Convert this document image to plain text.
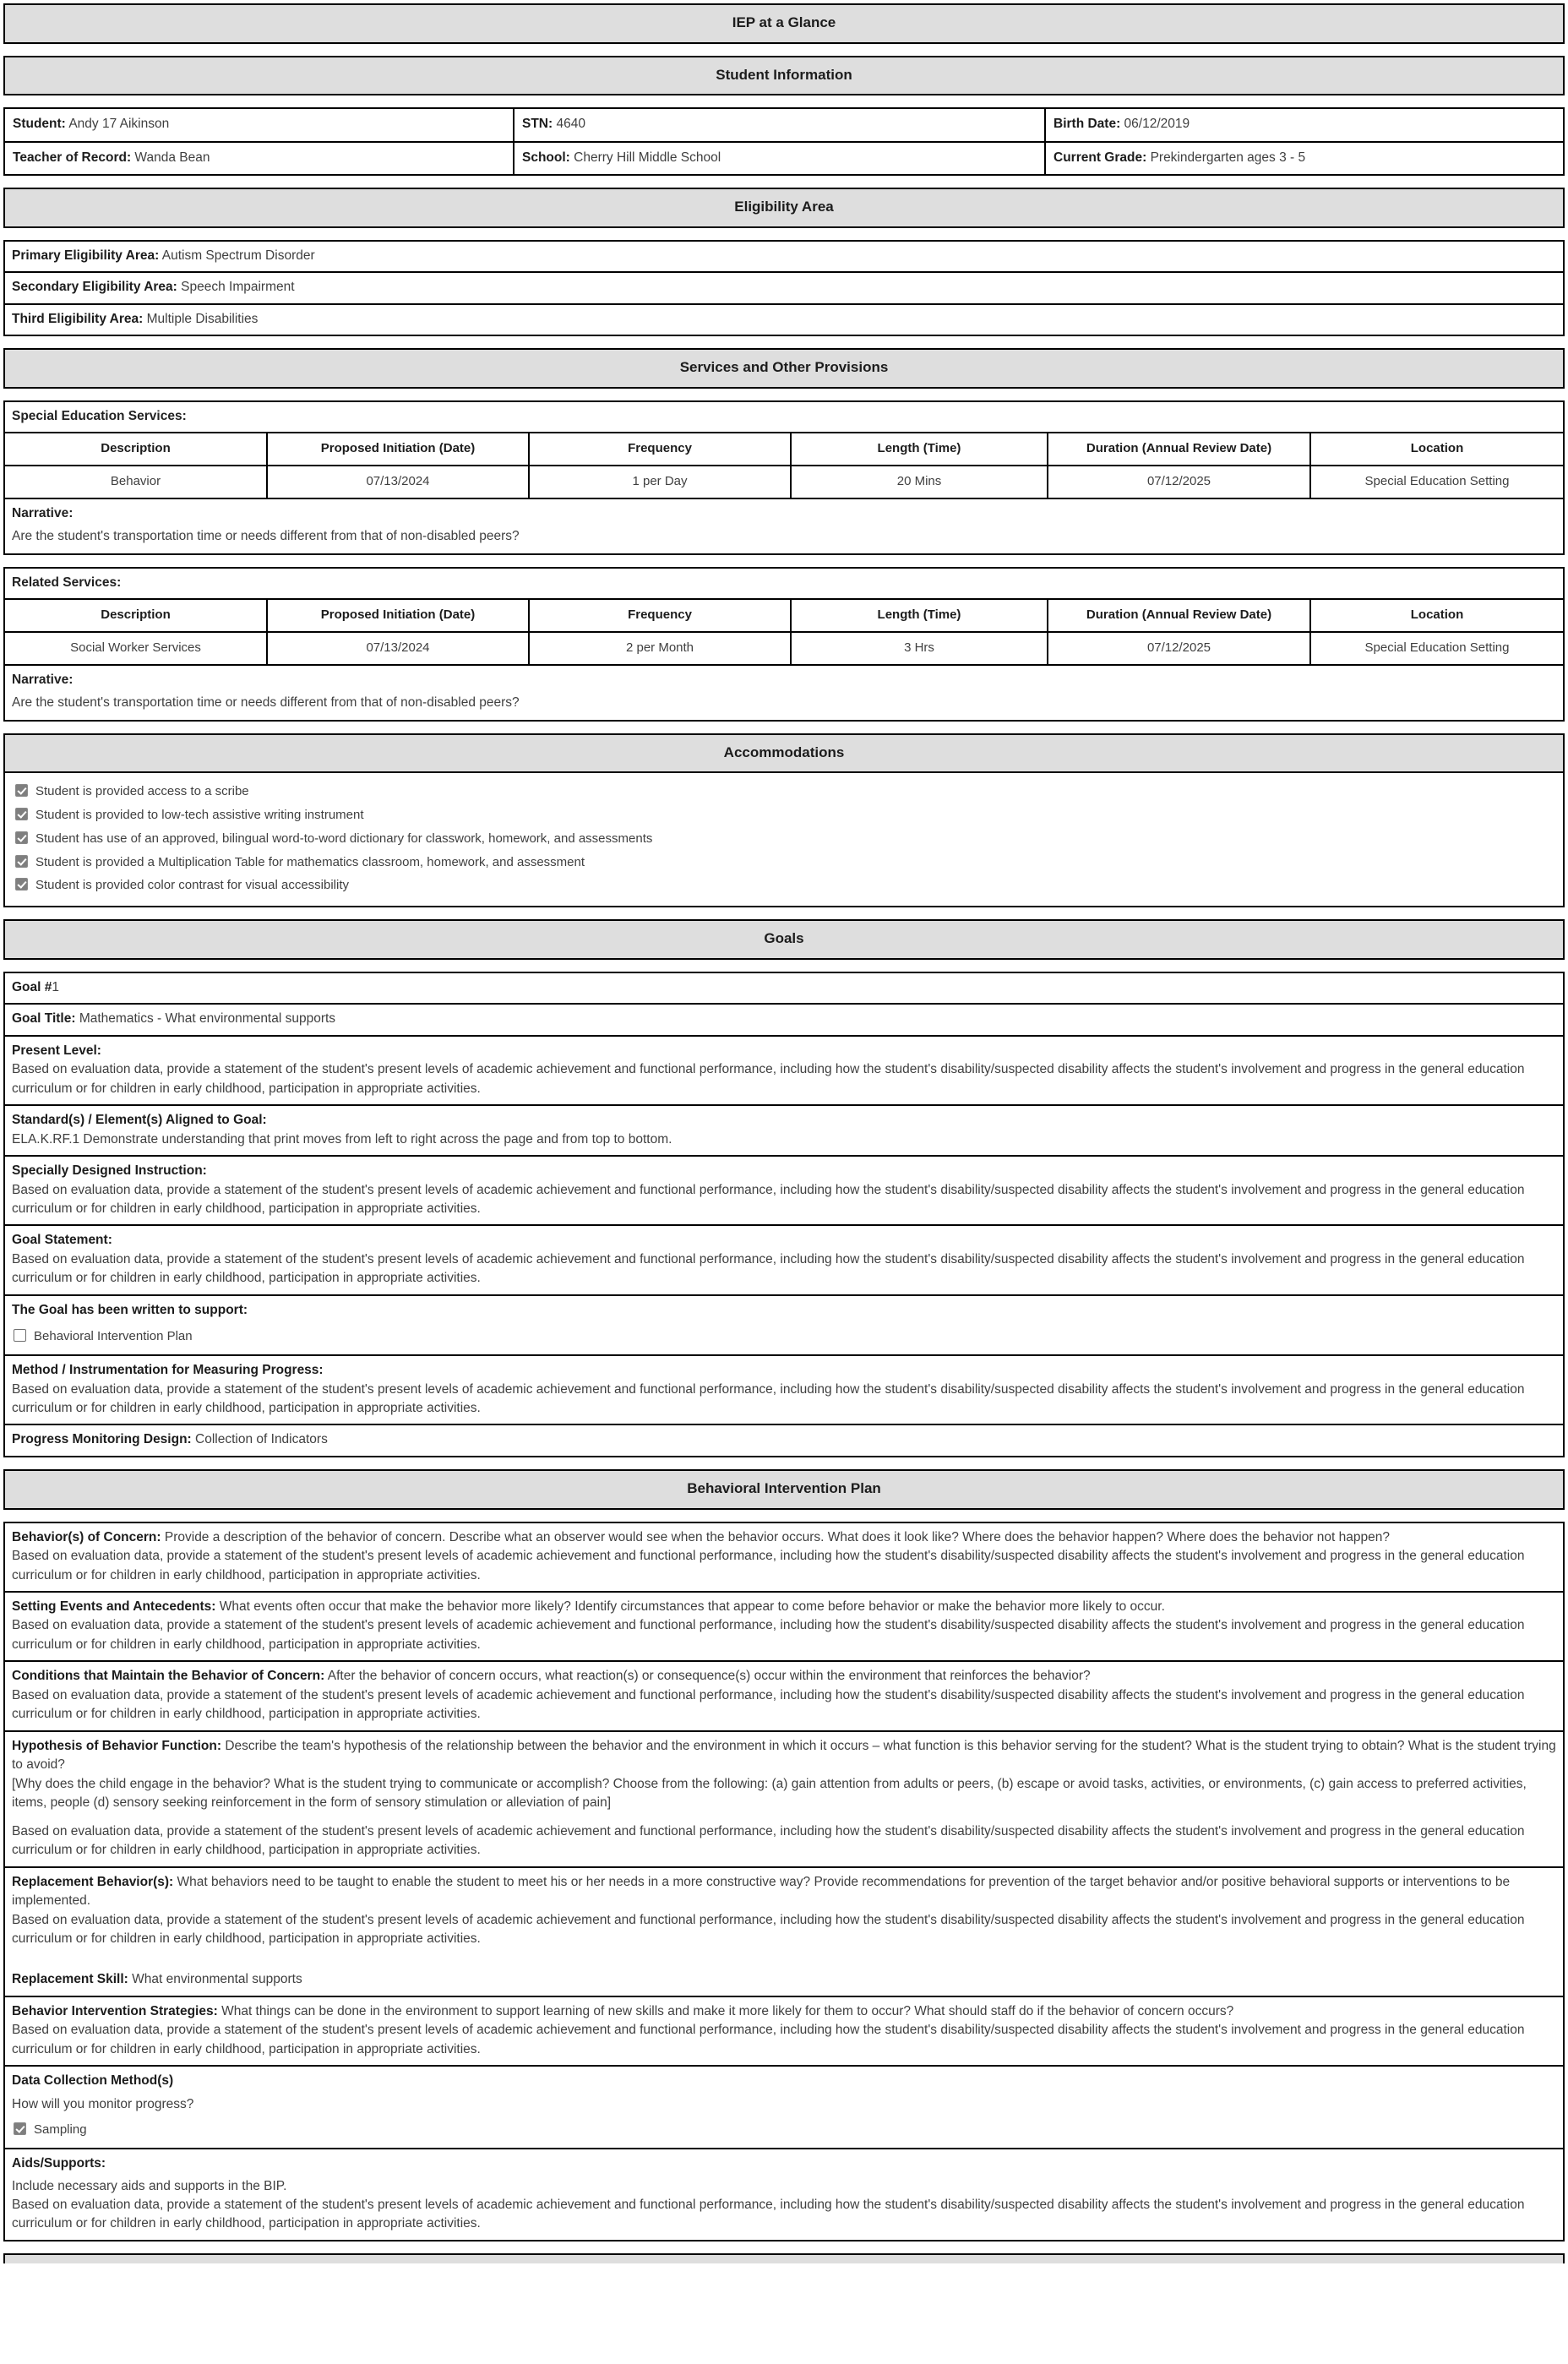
IEP at a Glance
Student Information
Student: Andy 17 Aikinson	STN: 4640	Birth Date: 06/12/2019
Teacher of Record: Wanda Bean	School: Cherry Hill Middle School	Current Grade: Prekindergarten ages 3 - 5
Eligibility Area
Primary Eligibility Area: Autism Spectrum Disorder
Secondary Eligibility Area: Speech Impairment
Third Eligibility Area: Multiple Disabilities
Services and Other Provisions
Special Education Services:
Description	Proposed Initiation (Date)	Frequency	Length (Time)	Duration (Annual Review Date)	Location
Behavior	07/13/2024	1 per Day	20 Mins	07/12/2025	Special Education Setting
Narrative:
Are the student's transportation time or needs different from that of non-disabled peers?
Related Services:
Description	Proposed Initiation (Date)	Frequency	Length (Time)	Duration (Annual Review Date)	Location
Social Worker Services	07/13/2024	2 per Month	3 Hrs	07/12/2025	Special Education Setting
Narrative:
Are the student's transportation time or needs different from that of non-disabled peers?
Accommodations
Student is provided access to a scribe
Student is provided to low-tech assistive writing instrument
Student has use of an approved, bilingual word-to-word dictionary for classwork, homework, and assessments
Student is provided a Multiplication Table for mathematics classroom, homework, and assessment
Student is provided color contrast for visual accessibility
Goals
Goal #1
Goal Title: Mathematics - What environmental supports
Present Level:

Based on evaluation data, provide a statement of the student's present levels of academic achievement and functional performance, including how the student's disability/suspected disability affects the student's involvement and progress in the general education curriculum or for children in early childhood, participation in appropriate activities.

Standard(s) / Element(s) Aligned to Goal:

ELA.K.RF.1 Demonstrate understanding that print moves from left to right across the page and from top to bottom.

Specially Designed Instruction:

Based on evaluation data, provide a statement of the student's present levels of academic achievement and functional performance, including how the student's disability/suspected disability affects the student's involvement and progress in the general education curriculum or for children in early childhood, participation in appropriate activities.

Goal Statement:

Based on evaluation data, provide a statement of the student's present levels of academic achievement and functional performance, including how the student's disability/suspected disability affects the student's involvement and progress in the general education curriculum or for children in early childhood, participation in appropriate activities.

The Goal has been written to support:
Behavioral Intervention Plan
Method / Instrumentation for Measuring Progress:

Based on evaluation data, provide a statement of the student's present levels of academic achievement and functional performance, including how the student's disability/suspected disability affects the student's involvement and progress in the general education curriculum or for children in early childhood, participation in appropriate activities.

Progress Monitoring Design: Collection of Indicators
Behavioral Intervention Plan
Behavior(s) of Concern: Provide a description of the behavior of concern. Describe what an observer would see when the behavior occurs. What does it look like? Where does the behavior happen? Where does the behavior not happen?

Based on evaluation data, provide a statement of the student's present levels of academic achievement and functional performance, including how the student's disability/suspected disability affects the student's involvement and progress in the general education curriculum or for children in early childhood, participation in appropriate activities.

Setting Events and Antecedents: What events often occur that make the behavior more likely? Identify circumstances that appear to come before behavior or make the behavior more likely to occur.

Based on evaluation data, provide a statement of the student's present levels of academic achievement and functional performance, including how the student's disability/suspected disability affects the student's involvement and progress in the general education curriculum or for children in early childhood, participation in appropriate activities.

Conditions that Maintain the Behavior of Concern: After the behavior of concern occurs, what reaction(s) or consequence(s) occur within the environment that reinforces the behavior?

Based on evaluation data, provide a statement of the student's present levels of academic achievement and functional performance, including how the student's disability/suspected disability affects the student's involvement and progress in the general education curriculum or for children in early childhood, participation in appropriate activities.

Hypothesis of Behavior Function: Describe the team's hypothesis of the relationship between the behavior and the environment in which it occurs – what function is this behavior serving for the student? What is the student trying to obtain? What is the student trying to avoid?

[Why does the child engage in the behavior? What is the student trying to communicate or accomplish? Choose from the following: (a) gain attention from adults or peers, (b) escape or avoid tasks, activities, or environments, (c) gain access to preferred activities, items, people (d) sensory seeking reinforcement in the form of sensory stimulation or alleviation of pain]

Based on evaluation data, provide a statement of the student's present levels of academic achievement and functional performance, including how the student's disability/suspected disability affects the student's involvement and progress in the general education curriculum or for children in early childhood, participation in appropriate activities.

Replacement Behavior(s): What behaviors need to be taught to enable the student to meet his or her needs in a more constructive way? Provide recommendations for prevention of the target behavior and/or positive behavioral supports or interventions to be implemented.

Based on evaluation data, provide a statement of the student's present levels of academic achievement and functional performance, including how the student's disability/suspected disability affects the student's involvement and progress in the general education curriculum or for children in early childhood, participation in appropriate activities.

Replacement Skill: What environmental supports

Behavior Intervention Strategies: What things can be done in the environment to support learning of new skills and make it more likely for them to occur? What should staff do if the behavior of concern occurs?

Based on evaluation data, provide a statement of the student's present levels of academic achievement and functional performance, including how the student's disability/suspected disability affects the student's involvement and progress in the general education curriculum or for children in early childhood, participation in appropriate activities.

Data Collection Method(s)
How will you monitor progress?
Sampling
Aids/Supports:
Include necessary aids and supports in the BIP.

Based on evaluation data, provide a statement of the student's present levels of academic achievement and functional performance, including how the student's disability/suspected disability affects the student's involvement and progress in the general education curriculum or for children in early childhood, participation in appropriate activities.
